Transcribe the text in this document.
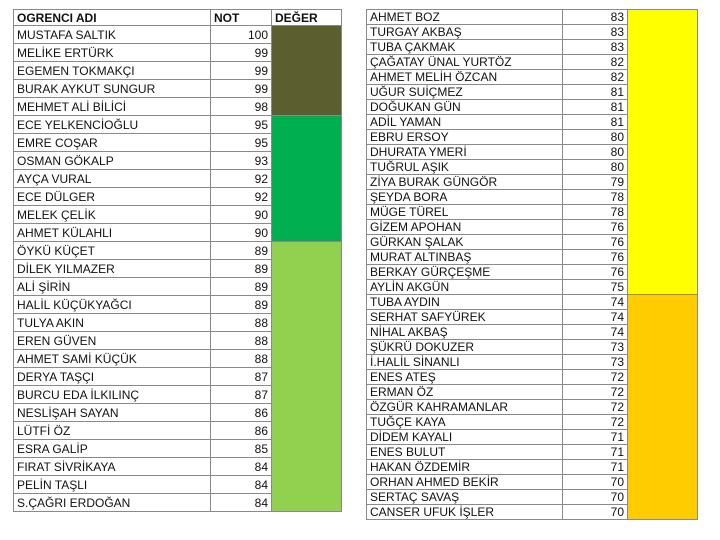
OGRENCI ADI	NOT	DEĞER
MUSTAFA SALTIK	100	
MELİKE ERTÜRK	99	
EGEMEN TOKMAKÇI	99	
BURAK AYKUT SUNGUR	99	
MEHMET ALİ BİLİCİ	98	
ECE YELKENCİOĞLU	95	
EMRE COŞAR	95	
OSMAN GÖKALP	93	
AYÇA VURAL	92	
ECE DÜLGER	92	
MELEK ÇELİK	90	
AHMET KÜLAHLI	90	
ÖYKÜ KÜÇET	89	
DİLEK YILMAZER	89	
ALİ ŞİRİN	89	
HALİL KÜÇÜKYAĞCI	89	
TULYA AKIN	88	
EREN GÜVEN	88	
AHMET SAMİ KÜÇÜK	88	
DERYA TAŞÇI	87	
BURCU EDA İLKILINÇ	87	
NESLİŞAH SAYAN	86	
LÜTFİ ÖZ	86	
ESRA GALİP	85	
FIRAT SİVRİKAYA	84	
PELİN TAŞLI	84	
S.ÇAĞRI ERDOĞAN	84	
AHMET BOZ	83	
TURGAY AKBAŞ	83	
TUBA ÇAKMAK	83	
ÇAĞATAY ÜNAL YURTÖZ	82	
AHMET MELİH ÖZCAN	82	
UĞUR SUİÇMEZ	81	
DOĞUKAN GÜN	81	
ADİL YAMAN	81	
EBRU ERSOY	80	
DHURATA YMERİ	80	
TUĞRUL AŞIK	80	
ZİYA BURAK GÜNGÖR	79	
ŞEYDA BORA	78	
MÜGE TÜREL	78	
GİZEM APOHAN	76	
GÜRKAN ŞALAK	76	
MURAT ALTINBAŞ	76	
BERKAY GÜRÇEŞME	76	
AYLİN AKGÜN	75	
TUBA AYDIN	74	
SERHAT SAFYÜREK	74	
NİHAL AKBAŞ	74	
ŞÜKRÜ DOKUZER	73	
İ.HALİL SİNANLI	73	
ENES ATEŞ	72	
ERMAN ÖZ	72	
ÖZGÜR KAHRAMANLAR	72	
TUĞÇE KAYA	72	
DİDEM KAYALI	71	
ENES BULUT	71	
HAKAN ÖZDEMİR	71	
ORHAN AHMED BEKİR	70	
SERTAÇ SAVAŞ	70	
CANSER UFUK İŞLER	70	
